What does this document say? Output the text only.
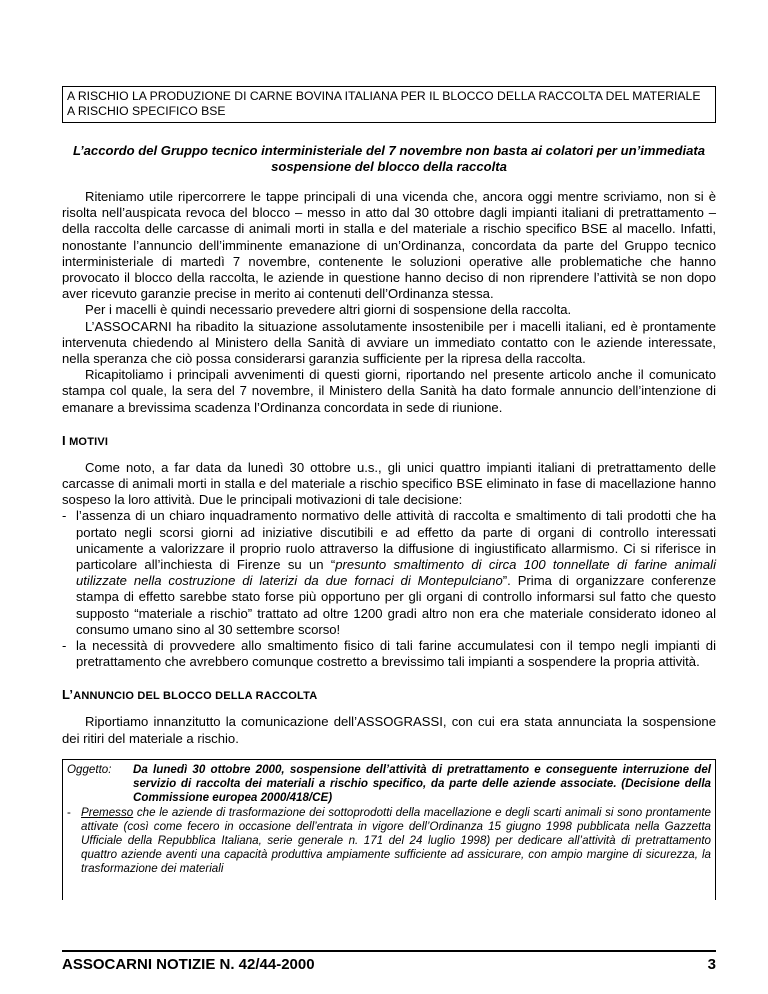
A RISCHIO LA PRODUZIONE DI CARNE BOVINA ITALIANA PER IL BLOCCO DELLA RACCOLTA DEL MATERIALE A RISCHIO SPECIFICO BSE
L’accordo del Gruppo tecnico interministeriale del 7 novembre non basta ai colatori per un’immediata sospensione del blocco della raccolta

Riteniamo utile ripercorrere le tappe principali di una vicenda che, ancora oggi mentre scriviamo, non si è risolta nell’auspicata revoca del blocco – messo in atto dal 30 ottobre dagli impianti italiani di pretrattamento – della raccolta delle carcasse di animali morti in stalla e del materiale a rischio specifico BSE al macello. Infatti, nonostante l’annuncio dell’imminente emanazione di un’Ordinanza, concordata da parte del Gruppo tecnico interministeriale di martedì 7 novembre, contenente le soluzioni operative alle problematiche che hanno provocato il blocco della raccolta, le aziende in questione hanno deciso di non riprendere l’attività se non dopo aver ricevuto garanzie precise in merito ai contenuti dell’Ordinanza stessa.

Per i macelli è quindi necessario prevedere altri giorni di sospensione della raccolta.

L’ASSOCARNI ha ribadito la situazione assolutamente insostenibile per i macelli italiani, ed è prontamente intervenuta chiedendo al Ministero della Sanità di avviare un immediato contatto con le aziende interessate, nella speranza che ciò possa considerarsi garanzia sufficiente per la ripresa della raccolta.

Ricapitoliamo i principali avvenimenti di questi giorni, riportando nel presente articolo anche il comunicato stampa col quale, la sera del 7 novembre, il Ministero della Sanità ha dato formale annuncio dell’intenzione di emanare a brevissima scadenza l’Ordinanza concordata in sede di riunione.

I MOTIVI

Come noto, a far data da lunedì 30 ottobre u.s., gli unici quattro impianti italiani di pretrattamento delle carcasse di animali morti in stalla e del materiale a rischio specifico BSE eliminato in fase di macellazione hanno sospeso la loro attività. Due le principali motivazioni di tale decisione:

- l’assenza di un chiaro inquadramento normativo delle attività di raccolta e smaltimento di tali prodotti che ha portato negli scorsi giorni ad iniziative discutibili e ad effetto da parte di organi di controllo interessati unicamente a valorizzare il proprio ruolo attraverso la diffusione di ingiustificato allarmismo. Ci si riferisce in particolare all’inchiesta di Firenze su un “presunto smaltimento di circa 100 tonnellate di farine animali utilizzate nella costruzione di laterizi da due fornaci di Montepulciano”. Prima di organizzare conferenze stampa di effetto sarebbe stato forse più opportuno per gli organi di controllo informarsi sul fatto che questo supposto “materiale a rischio” trattato ad oltre 1200 gradi altro non era che materiale considerato idoneo al consumo umano sino al 30 settembre scorso!
- la necessità di provvedere allo smaltimento fisico di tali farine accumulatesi con il tempo negli impianti di pretrattamento che avrebbero comunque costretto a brevissimo tali impianti a sospendere la propria attività.
L’ANNUNCIO DEL BLOCCO DELLA RACCOLTA

Riportiamo innanzitutto la comunicazione dell’ASSOGRASSI, con cui era stata annunciata la sospensione dei ritiri del materiale a rischio.

Oggetto:	Da lunedì 30 ottobre 2000, sospensione dell’attività di pretrattamento e conseguente interruzione del servizio di raccolta dei materiali a rischio specifico, da parte delle aziende associate. (Decisione della Commissione europea 2000/418/CE)
- Premesso che le aziende di trasformazione dei sottoprodotti della macellazione e degli scarti animali si sono prontamente attivate (così come fecero in occasione dell’entrata in vigore dell’Ordinanza 15 giugno 1998 pubblicata nella Gazzetta Ufficiale della Repubblica Italiana, serie generale n. 171 del 24 luglio 1998) per dedicare all’attività di pretrattamento quattro aziende aventi una capacità produttiva ampiamente sufficiente ad assicurare, con ampio margine di sicurezza, la trasformazione dei materiali
ASSOCARNI NOTIZIE N. 42/44-2000	3
